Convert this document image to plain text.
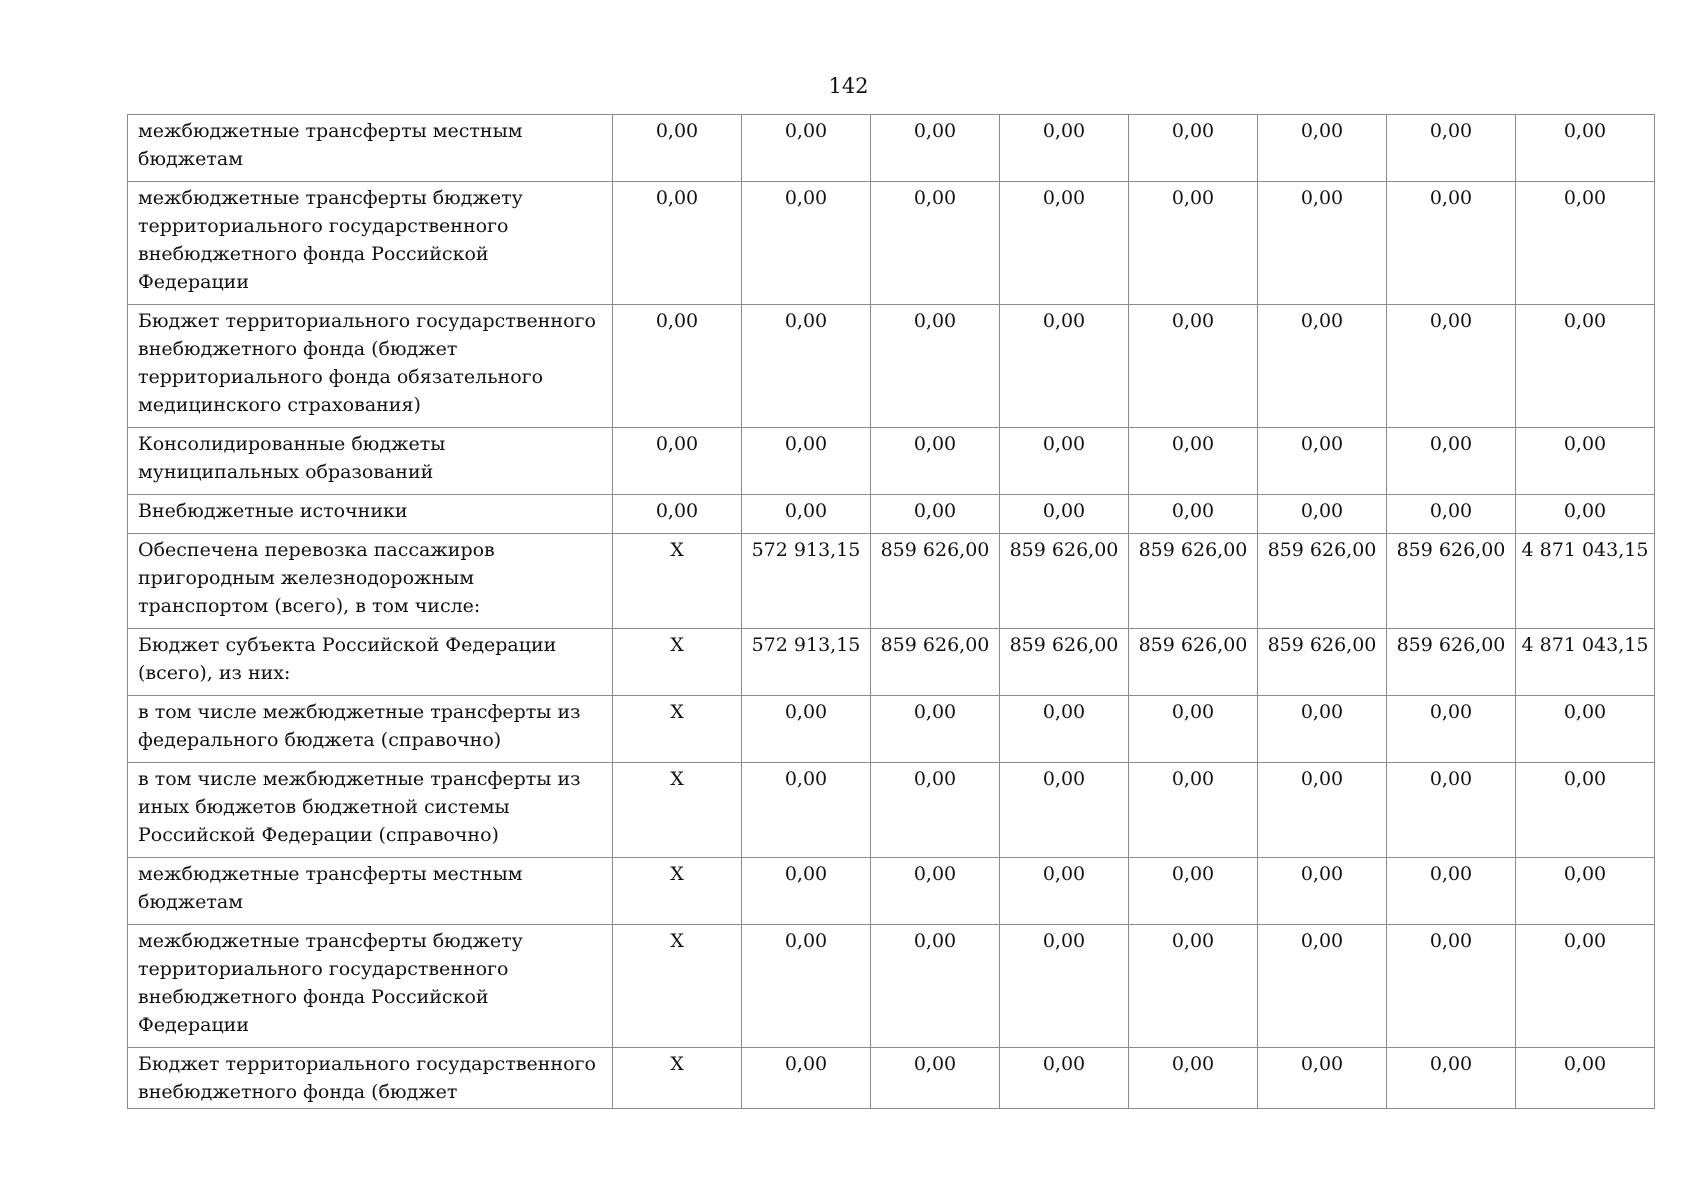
142
межбюджетные трансферты местным бюджетам	0,00	0,00	0,00	0,00	0,00	0,00	0,00	0,00
межбюджетные трансферты бюджету территориального государственного внебюджетного фонда Российской Федерации	0,00	0,00	0,00	0,00	0,00	0,00	0,00	0,00
Бюджет территориального государственного внебюджетного фонда (бюджет территориального фонда обязательного медицинского страхования)	0,00	0,00	0,00	0,00	0,00	0,00	0,00	0,00
Консолидированные бюджеты муниципальных образований	0,00	0,00	0,00	0,00	0,00	0,00	0,00	0,00
Внебюджетные источники	0,00	0,00	0,00	0,00	0,00	0,00	0,00	0,00
Обеспечена перевозка пассажиров пригородным железнодорожным транспортом (всего), в том числе:	X	572 913,15	859 626,00	859 626,00	859 626,00	859 626,00	859 626,00	4 871 043,15
Бюджет субъекта Российской Федерации (всего), из них:	X	572 913,15	859 626,00	859 626,00	859 626,00	859 626,00	859 626,00	4 871 043,15
в том числе межбюджетные трансферты из федерального бюджета (справочно)	X	0,00	0,00	0,00	0,00	0,00	0,00	0,00
в том числе межбюджетные трансферты из иных бюджетов бюджетной системы Российской Федерации (справочно)	X	0,00	0,00	0,00	0,00	0,00	0,00	0,00
межбюджетные трансферты местным бюджетам	X	0,00	0,00	0,00	0,00	0,00	0,00	0,00
межбюджетные трансферты бюджету территориального государственного внебюджетного фонда Российской Федерации	X	0,00	0,00	0,00	0,00	0,00	0,00	0,00
Бюджет территориального государственного внебюджетного фонда (бюджет	X	0,00	0,00	0,00	0,00	0,00	0,00	0,00
